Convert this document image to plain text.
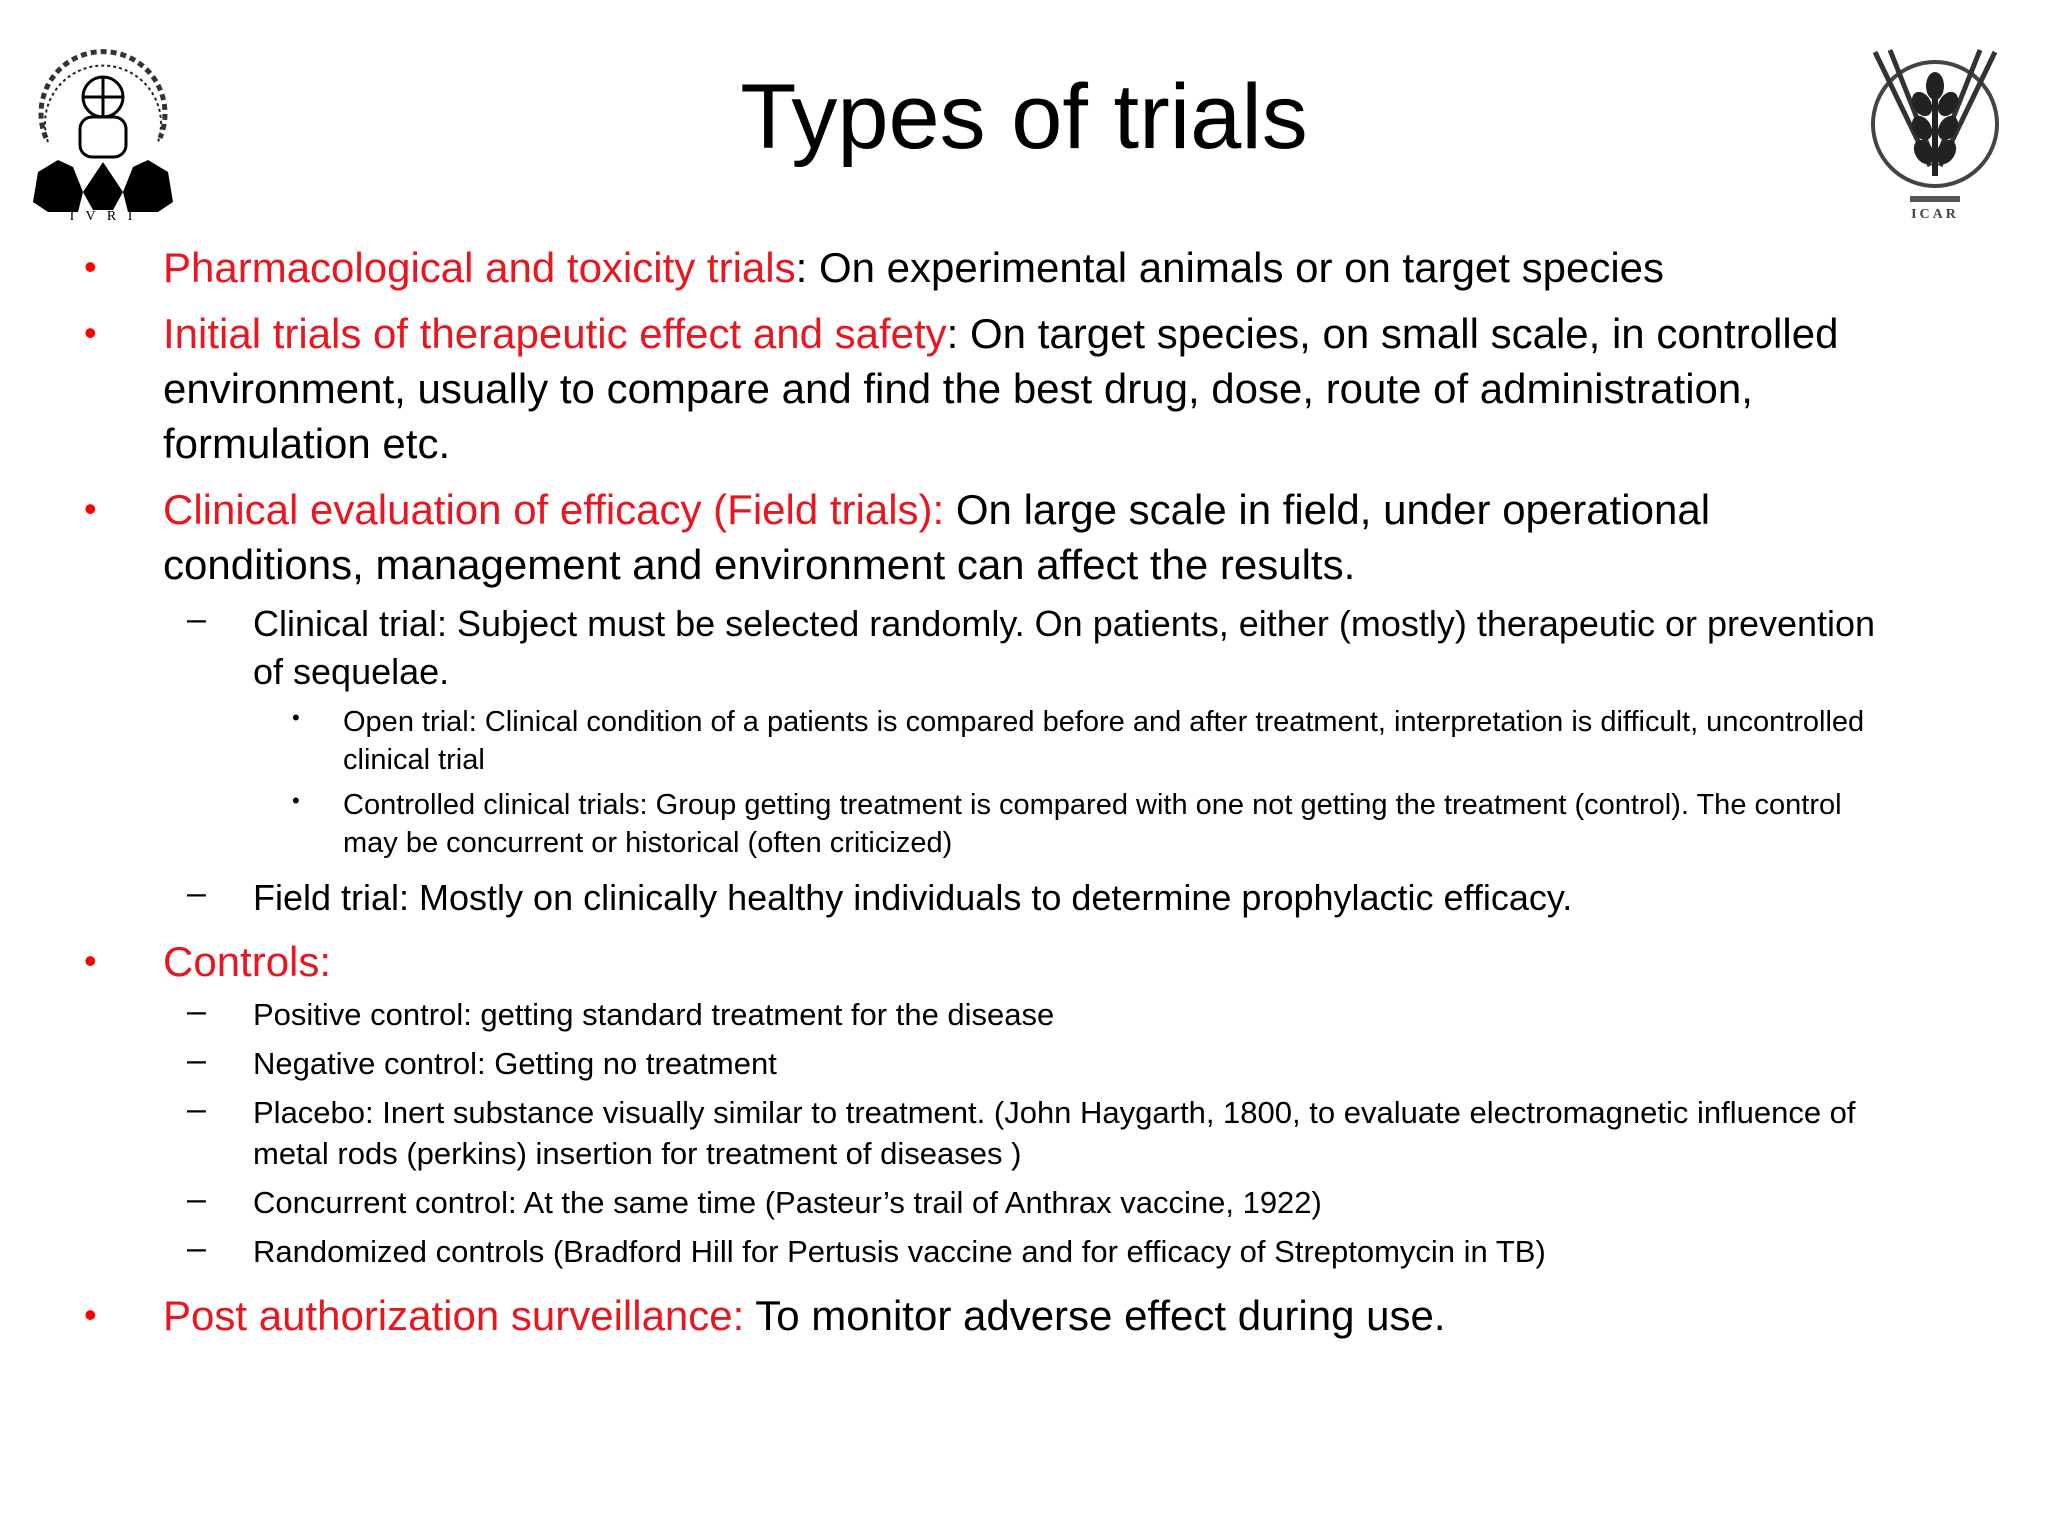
I V R I	ICAR
Types of trials
• Pharmacological and toxicity trials: On experimental animals or on target species
• Initial trials of therapeutic effect and safety: On target species, on small scale, in controlled environment, usually to compare and find the best drug, dose, route of administration, formulation etc.
• Clinical evaluation of efficacy (Field trials): On large scale in field, under operational conditions, management and environment can affect the results.
– Clinical trial: Subject must be selected randomly. On patients, either (mostly) therapeutic or prevention of sequelae.
• Open trial: Clinical condition of a patients is compared before and after treatment, interpretation is difficult, uncontrolled clinical trial
• Controlled clinical trials: Group getting treatment is compared with one not getting the treatment (control). The control may be concurrent or historical (often criticized)
– Field trial: Mostly on clinically healthy individuals to determine prophylactic efficacy.
• Controls:
– Positive control: getting standard treatment for the disease
– Negative control: Getting no treatment
– Placebo: Inert substance visually similar to treatment. (John Haygarth, 1800, to evaluate electromagnetic influence of metal rods (perkins) insertion for treatment of diseases )
– Concurrent control: At the same time (Pasteur’s trail of Anthrax vaccine, 1922)
– Randomized controls (Bradford Hill for Pertusis vaccine and for efficacy of Streptomycin in TB)
• Post authorization surveillance: To monitor adverse effect during use.
